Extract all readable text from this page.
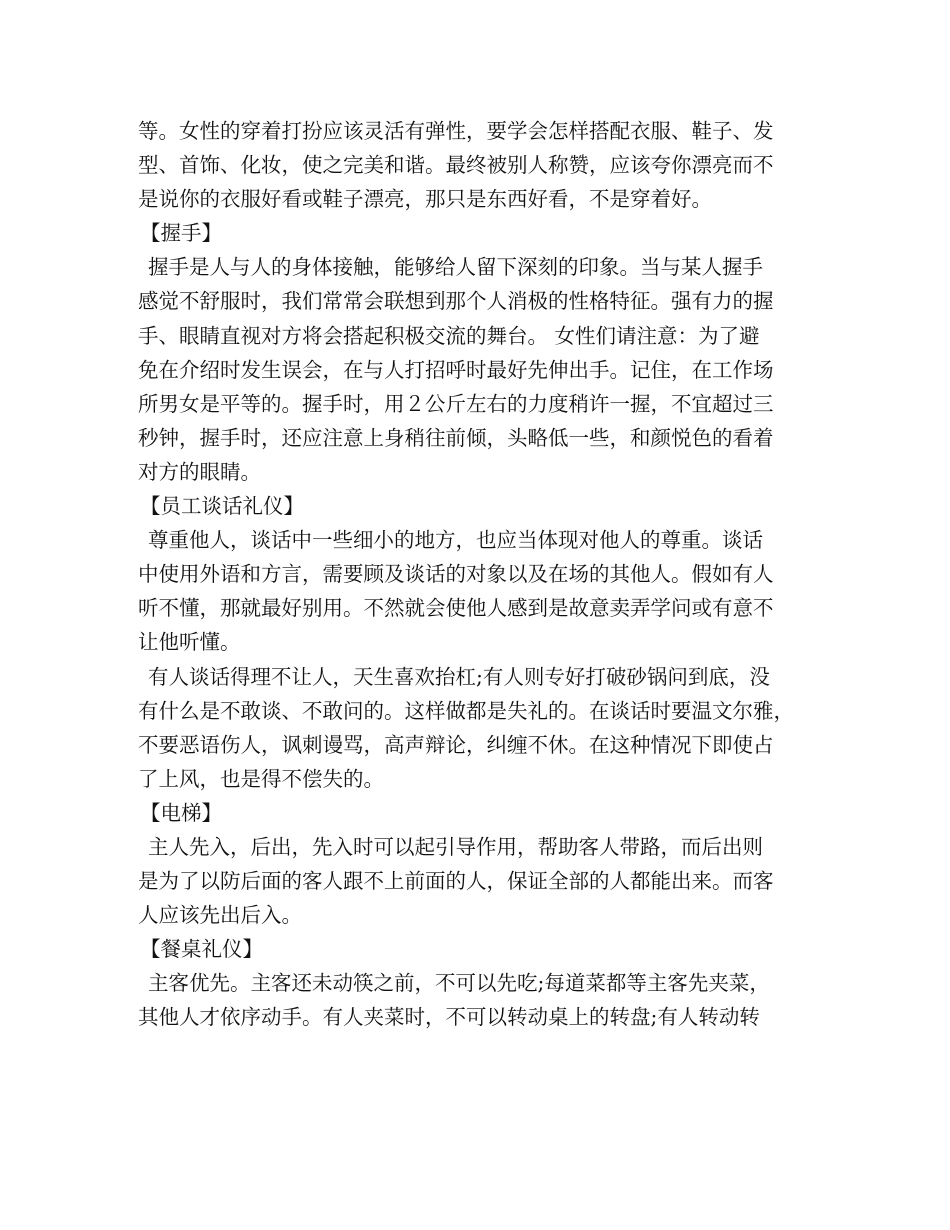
等。女性的穿着打扮应该灵活有弹性，要学会怎样搭配衣服、鞋子、发
型、首饰、化妆，使之完美和谐。最终被别人称赞，应该夸你漂亮而不
是说你的衣服好看或鞋子漂亮，那只是东西好看，不是穿着好。
【握手】
握手是人与人的身体接触，能够给人留下深刻的印象。当与某人握手
感觉不舒服时，我们常常会联想到那个人消极的性格特征。强有力的握
手、眼睛直视对方将会搭起积极交流的舞台。 女性们请注意：为了避
免在介绍时发生误会，在与人打招呼时最好先伸出手。记住，在工作场
所男女是平等的。握手时，用２公斤左右的力度稍许一握，不宜超过三
秒钟，握手时，还应注意上身稍往前倾，头略低一些，和颜悦色的看着
对方的眼睛。
【员工谈话礼仪】
尊重他人，谈话中一些细小的地方，也应当体现对他人的尊重。谈话
中使用外语和方言，需要顾及谈话的对象以及在场的其他人。假如有人
听不懂，那就最好别用。不然就会使他人感到是故意卖弄学问或有意不
让他听懂。
有人谈话得理不让人，天生喜欢抬杠;有人则专好打破砂锅问到底，没
有什么是不敢谈、不敢问的。这样做都是失礼的。在谈话时要温文尔雅，
不要恶语伤人，讽刺谩骂，高声辩论，纠缠不休。在这种情况下即使占
了上风，也是得不偿失的。
【电梯】
主人先入，后出，先入时可以起引导作用，帮助客人带路，而后出则
是为了以防后面的客人跟不上前面的人，保证全部的人都能出来。而客
人应该先出后入。
【餐桌礼仪】
主客优先。主客还未动筷之前，不可以先吃;每道菜都等主客先夹菜，
其他人才依序动手。有人夹菜时，不可以转动桌上的转盘;有人转动转
